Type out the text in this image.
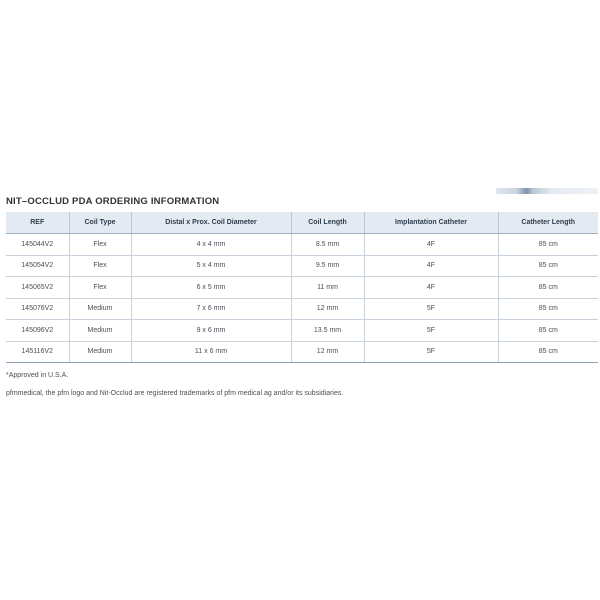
NIT–OCCLUD PDA ORDERING INFORMATION
REF	Coil Type	Distal x Prox. Coil Diameter	Coil Length	Implantation Catheter	Catheter Length
145044V2	Flex	4 x 4 mm	8.5 mm	4F	85 cm
145054V2	Flex	5 x 4 mm	9.5 mm	4F	85 cm
145065V2	Flex	6 x 5 mm	11 mm	4F	85 cm
145076V2	Medium	7 x 6 mm	12 mm	5F	85 cm
145096V2	Medium	9 x 6 mm	13.5 mm	5F	85 cm
145116V2	Medium	11 x 6 mm	12 mm	5F	85 cm
*Approved in U.S.A.
pfmmedical, the pfm logo and Nit-Occlud are registered trademarks of pfm medical ag and/or its subsidiaries.
